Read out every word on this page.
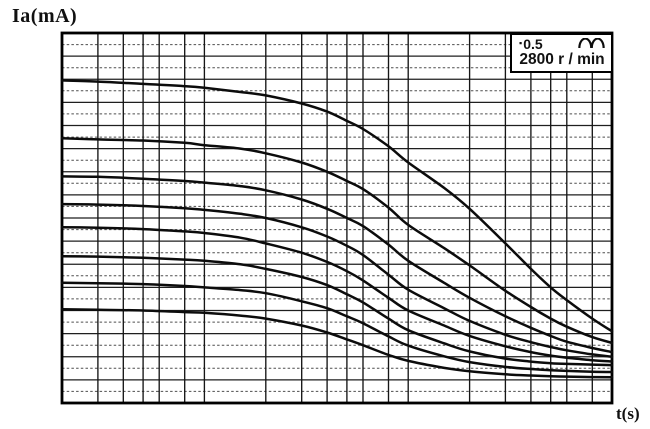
Ia(mA)
▪ 0.5
2800 r / min
t(s)
